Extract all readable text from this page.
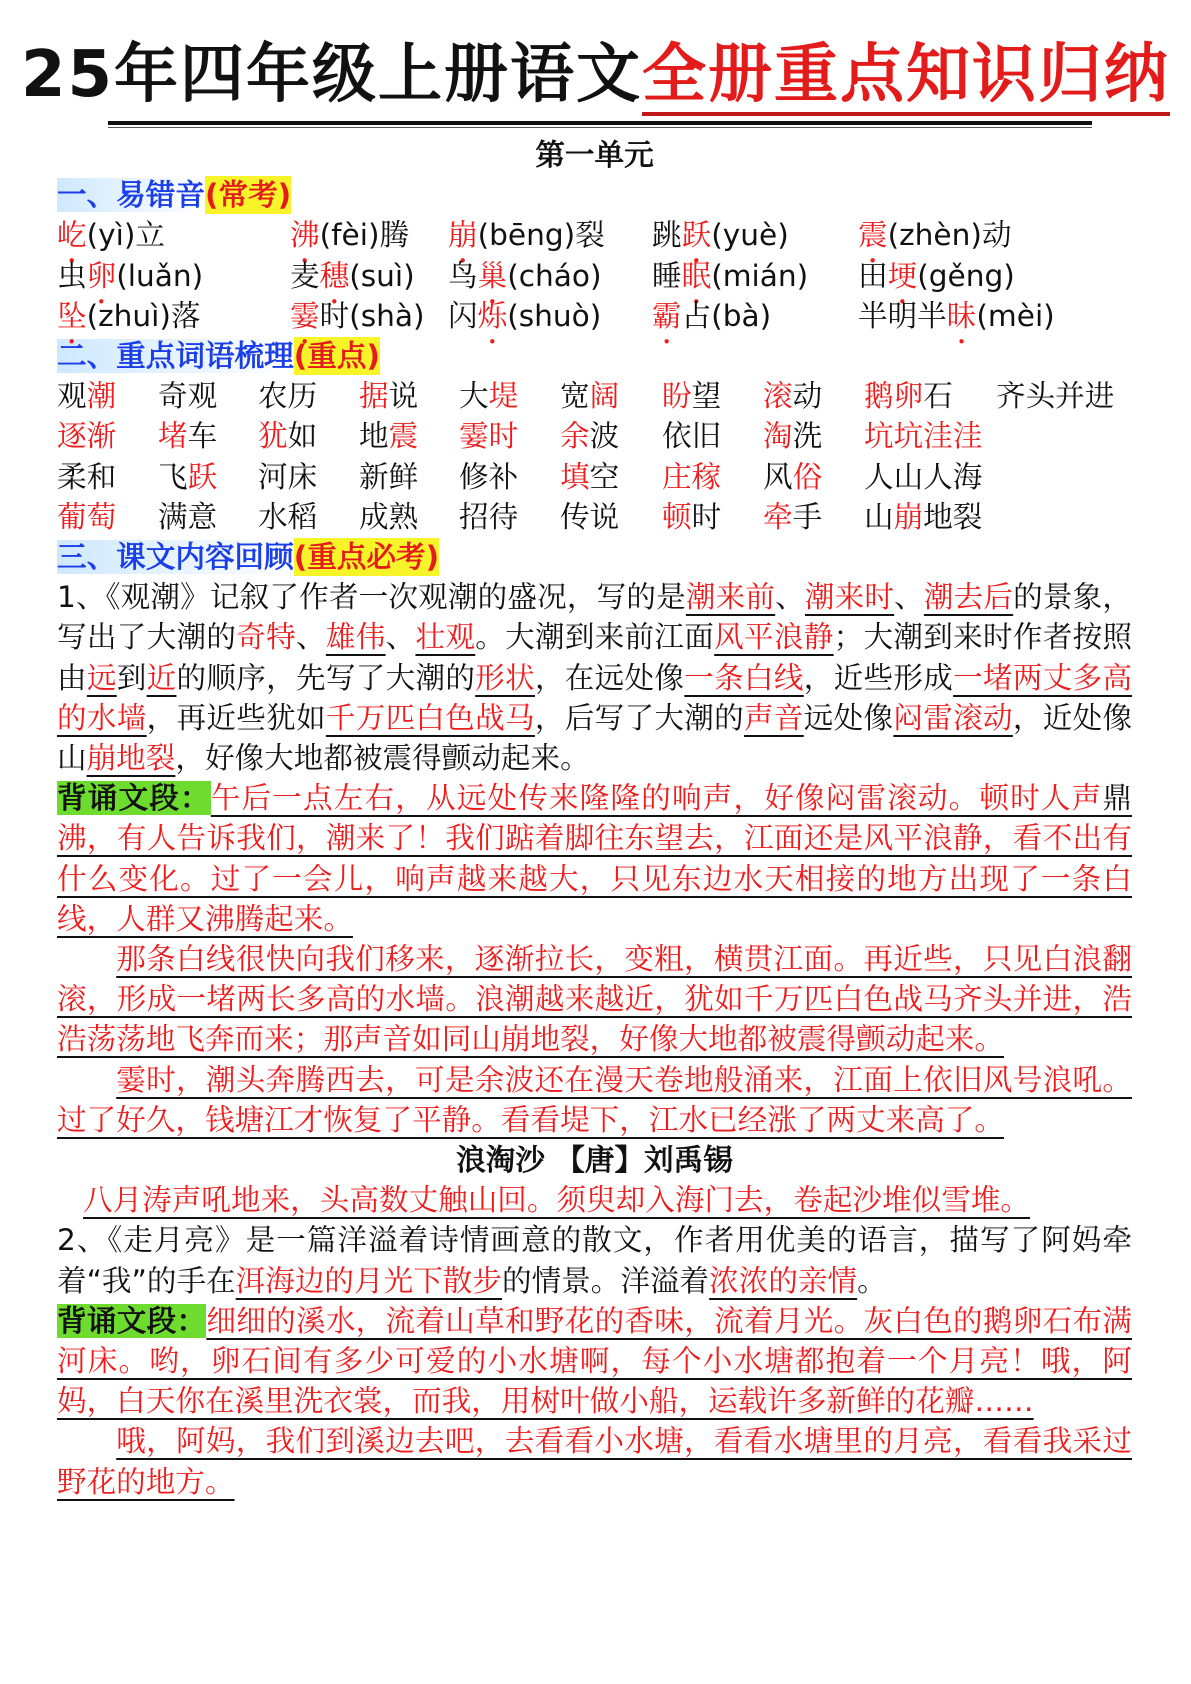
25年四年级上册语文全册重点知识归纳
第一单元
一、易错音(常考)
屹(yì)立	沸(fèi)腾 崩(bēng)裂 跳跃(yuè) 震(zhèn)动
虫卵(luǎn)	麦穗(suì) 鸟巢(cháo) 睡眠(mián) 田埂(gěng)
坠(zhuì)落	霎时(shà) 闪烁(shuò) 霸占(bà)	半明半昧(mèi)
二、重点词语梳理(重点)
观潮 奇观 农历 据说 大堤 宽阔 盼望 滚动 鹅卵石 齐头并进
逐渐 堵车 犹如 地震 霎时 余波 依旧 淘洗 坑坑洼洼
柔和 飞跃 河床 新鲜 修补 填空 庄稼 风俗 人山人海
葡萄 满意 水稻 成熟 招待 传说 顿时 牵手 山崩地裂
三、课文内容回顾(重点必考)
1、《观潮》记叙了作者一次观潮的盛况，写的是潮来前、潮来时、潮去后的景象，写出了大潮的奇特、雄伟、壮观。大潮到来前江面风平浪静；大潮到来时作者按照由远到近的顺序，先写了大潮的形状，在远处像一条白线，近些形成一堵两丈多高的水墙，再近些犹如千万匹白色战马，后写了大潮的声音远处像闷雷滚动，近处像山崩地裂，好像大地都被震得颤动起来。
背诵文段：午后一点左右，从远处传来隆隆的响声，好像闷雷滚动。顿时人声鼎沸，有人告诉我们，潮来了！我们踮着脚往东望去，江面还是风平浪静，看不出有什么变化。过了一会儿，响声越来越大，只见东边水天相接的地方出现了一条白线，人群又沸腾起来。
那条白线很快向我们移来，逐渐拉长，变粗，横贯江面。再近些，只见白浪翻滚，形成一堵两长多高的水墙。浪潮越来越近，犹如千万匹白色战马齐头并进，浩浩荡荡地飞奔而来；那声音如同山崩地裂，好像大地都被震得颤动起来。
霎时，潮头奔腾西去，可是余波还在漫天卷地般涌来，江面上依旧风号浪吼。过了好久，钱塘江才恢复了平静。看看堤下，江水已经涨了两丈来高了。
浪淘沙 【唐】刘禹锡
八月涛声吼地来，头高数丈触山回。须臾却入海门去，卷起沙堆似雪堆。
2、《走月亮》是一篇洋溢着诗情画意的散文，作者用优美的语言，描写了阿妈牵着“我”的手在洱海边的月光下散步的情景。洋溢着浓浓的亲情。
背诵文段：细细的溪水，流着山草和野花的香味，流着月光。灰白色的鹅卵石布满河床。哟，卵石间有多少可爱的小水塘啊，每个小水塘都抱着一个月亮！哦，阿妈，白天你在溪里洗衣裳，而我，用树叶做小船，运载许多新鲜的花瓣……
哦，阿妈，我们到溪边去吧，去看看小水塘，看看水塘里的月亮，看看我采过野花的地方。
